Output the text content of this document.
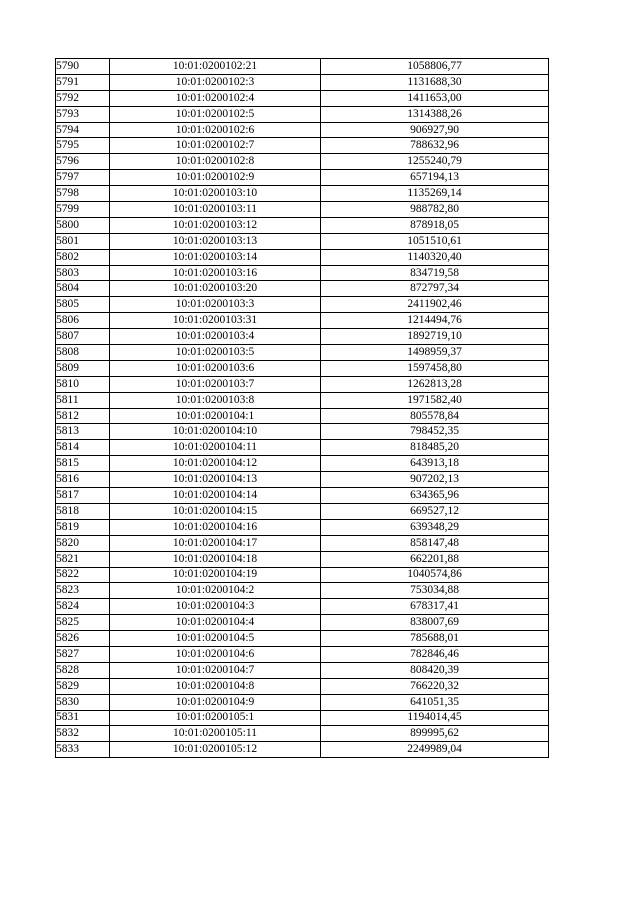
5790	10:01:0200102:21	1058806,77
5791	10:01:0200102:3	1131688,30
5792	10:01:0200102:4	1411653,00
5793	10:01:0200102:5	1314388,26
5794	10:01:0200102:6	906927,90
5795	10:01:0200102:7	788632,96
5796	10:01:0200102:8	1255240,79
5797	10:01:0200102:9	657194,13
5798	10:01:0200103:10	1135269,14
5799	10:01:0200103:11	988782,80
5800	10:01:0200103:12	878918,05
5801	10:01:0200103:13	1051510,61
5802	10:01:0200103:14	1140320,40
5803	10:01:0200103:16	834719,58
5804	10:01:0200103:20	872797,34
5805	10:01:0200103:3	2411902,46
5806	10:01:0200103:31	1214494,76
5807	10:01:0200103:4	1892719,10
5808	10:01:0200103:5	1498959,37
5809	10:01:0200103:6	1597458,80
5810	10:01:0200103:7	1262813,28
5811	10:01:0200103:8	1971582,40
5812	10:01:0200104:1	805578,84
5813	10:01:0200104:10	798452,35
5814	10:01:0200104:11	818485,20
5815	10:01:0200104:12	643913,18
5816	10:01:0200104:13	907202,13
5817	10:01:0200104:14	634365,96
5818	10:01:0200104:15	669527,12
5819	10:01:0200104:16	639348,29
5820	10:01:0200104:17	858147,48
5821	10:01:0200104:18	662201,88
5822	10:01:0200104:19	1040574,86
5823	10:01:0200104:2	753034,88
5824	10:01:0200104:3	678317,41
5825	10:01:0200104:4	838007,69
5826	10:01:0200104:5	785688,01
5827	10:01:0200104:6	782846,46
5828	10:01:0200104:7	808420,39
5829	10:01:0200104:8	766220,32
5830	10:01:0200104:9	641051,35
5831	10:01:0200105:1	1194014,45
5832	10:01:0200105:11	899995,62
5833	10:01:0200105:12	2249989,04
